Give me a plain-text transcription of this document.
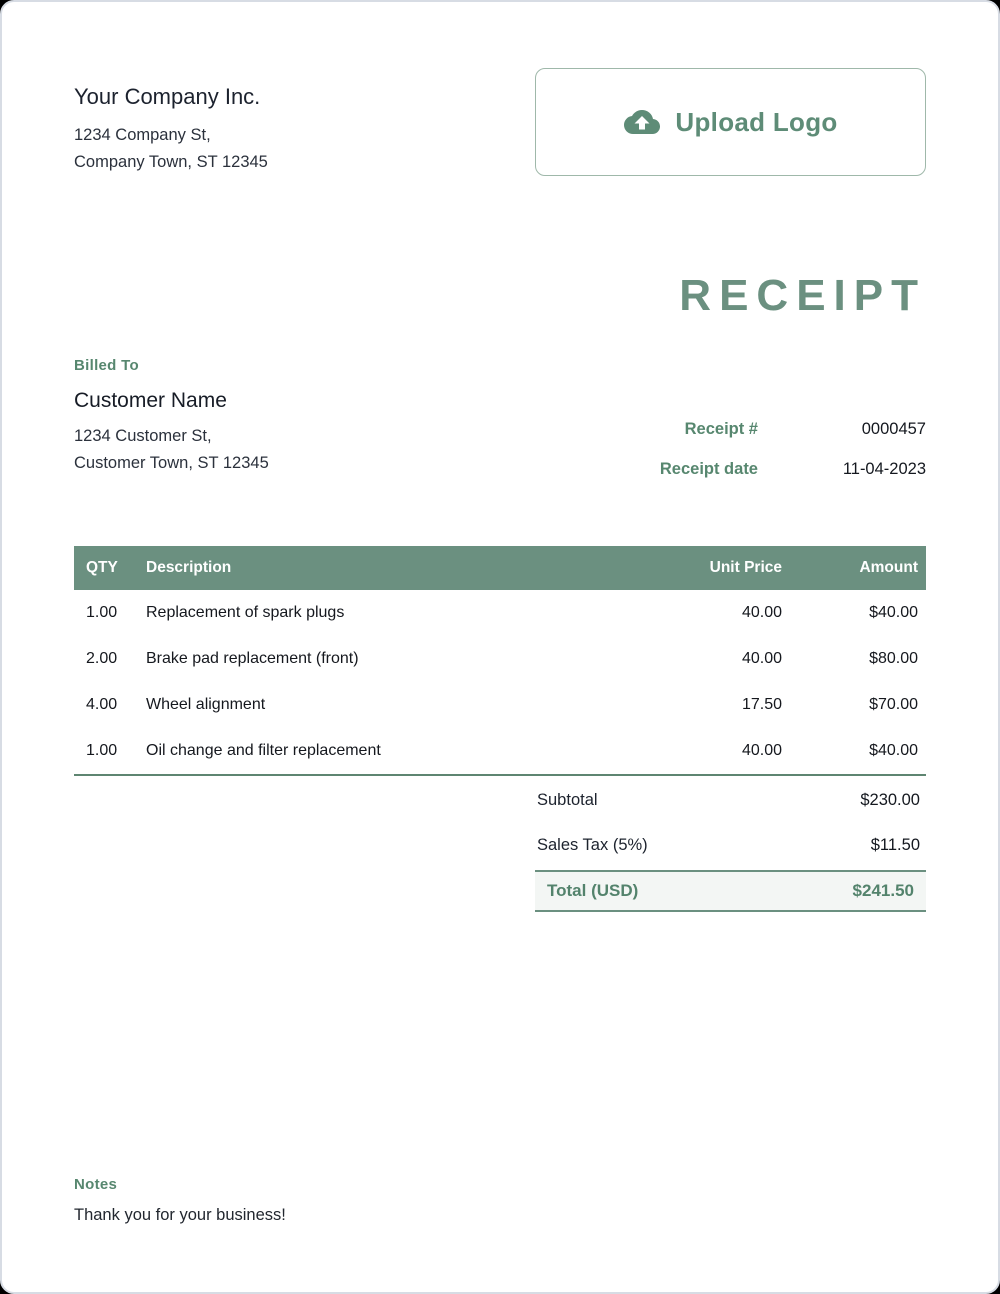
Your Company Inc.
1234 Company St,
Company Town, ST 12345
Upload Logo
RECEIPT
Billed To
Customer Name
1234 Customer St,
Customer Town, ST 12345
Receipt #	0000457
Receipt date	11-04-2023
QTY	Description	Unit Price	Amount
1.00	Replacement of spark plugs	40.00	$40.00
2.00	Brake pad replacement (front)	40.00	$80.00
4.00	Wheel alignment	17.50	$70.00
1.00	Oil change and filter replacement	40.00	$40.00
Subtotal	$230.00
Sales Tax (5%)	$11.50
Total (USD)	$241.50
Notes
Thank you for your business!
